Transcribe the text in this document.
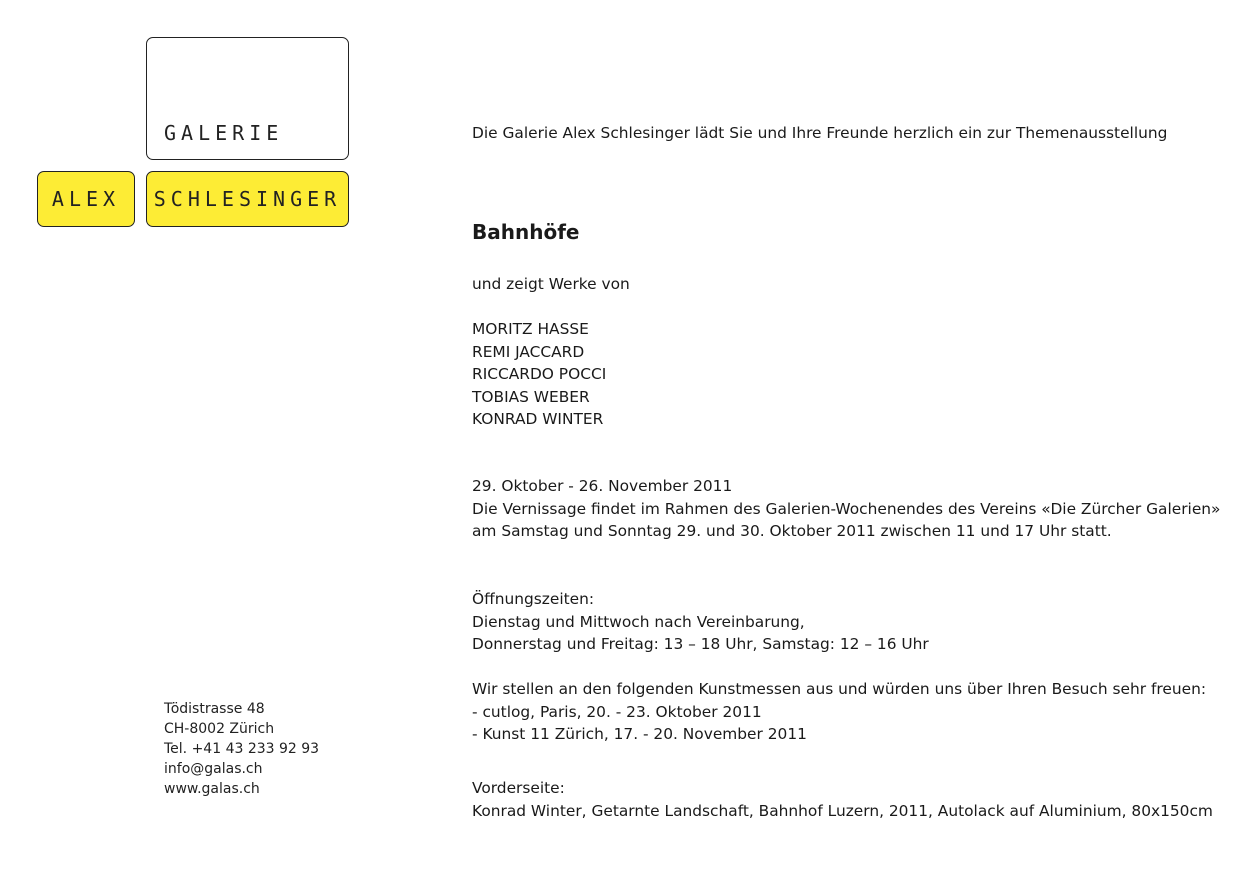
GALERIE
ALEX SCHLESINGER
Tödistrasse 48
CH-8002 Zürich
Tel. +41 43 233 92 93
info@galas.ch
www.galas.ch
Die Galerie Alex Schlesinger lädt Sie und Ihre Freunde herzlich ein zur Themenausstellung
Bahnhöfe
und zeigt Werke von
MORITZ HASSE
REMI JACCARD
RICCARDO POCCI
TOBIAS WEBER
KONRAD WINTER
29. Oktober - 26. November 2011
Die Vernissage findet im Rahmen des Galerien-Wochenendes des Vereins «Die Zürcher Galerien»
am Samstag und Sonntag 29. und 30. Oktober 2011 zwischen 11 und 17 Uhr statt.
Öffnungszeiten:
Dienstag und Mittwoch nach Vereinbarung,
Donnerstag und Freitag: 13 – 18 Uhr, Samstag: 12 – 16 Uhr
Wir stellen an den folgenden Kunstmessen aus und würden uns über Ihren Besuch sehr freuen:
- cutlog, Paris, 20. - 23. Oktober 2011
- Kunst 11 Zürich, 17. - 20. November 2011
Vorderseite:
Konrad Winter, Getarnte Landschaft, Bahnhof Luzern, 2011, Autolack auf Aluminium, 80x150cm
